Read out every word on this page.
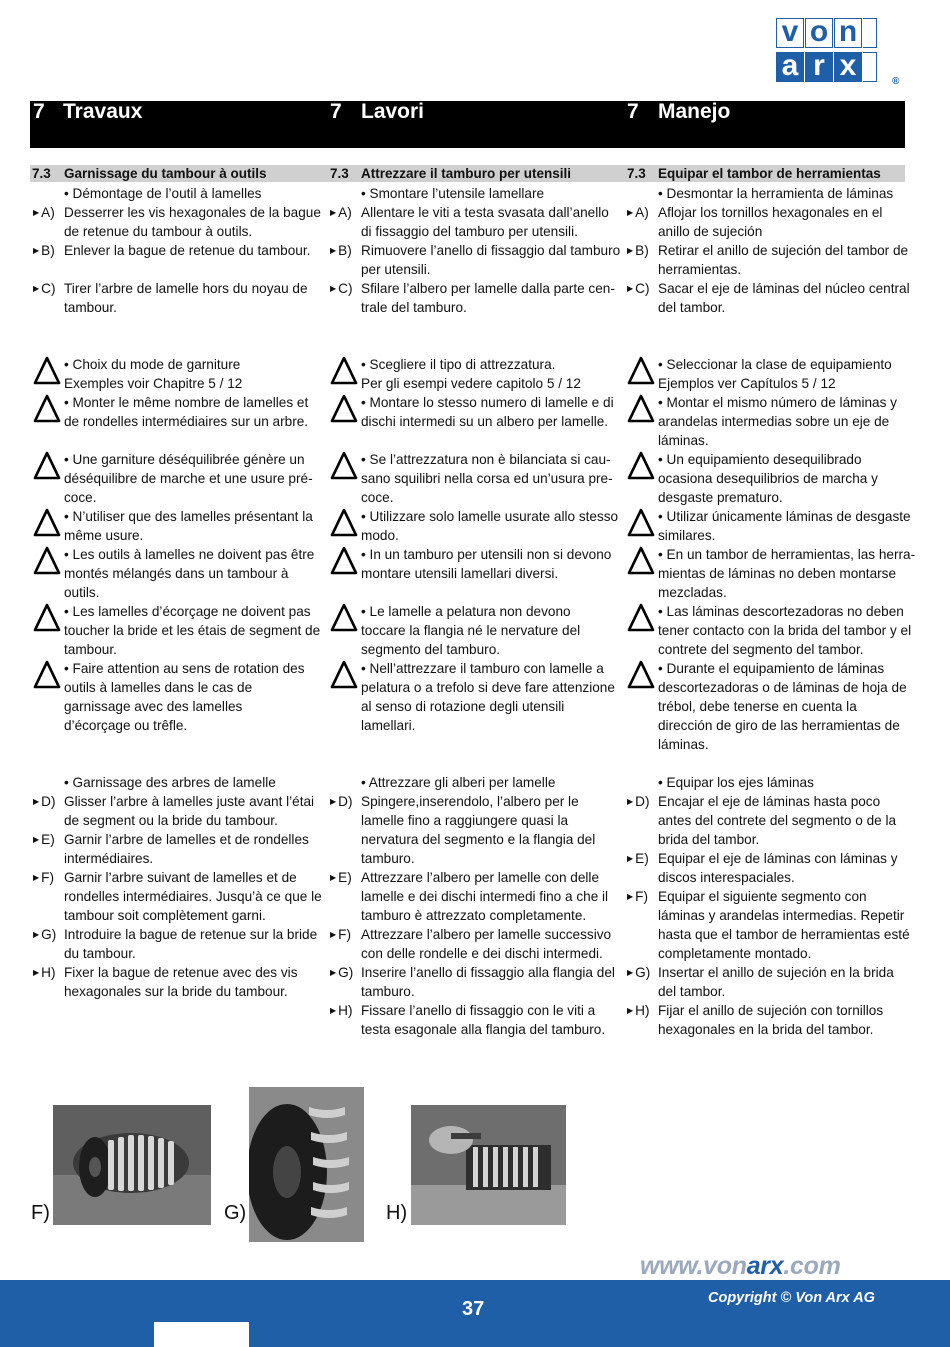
v o n
a r x	®
7 Travaux	7 Lavori	7 Manejo
7.3 Garnissage du tambour à outils	7.3 Attrezzare il tamburo per utensili	7.3 Equipar el tambor de herramientas
• Démontage de l’outil à lamelles
▶ A) Desserrer les vis hexagonales de la bague
de retenue du tambour à outils.
▶ B) Enlever la bague de retenue du tambour.
▶ C) Tirer l’arbre de lamelle hors du noyau de
tambour.
• Smontare l’utensile lamellare
▶ A) Allentare le viti a testa svasata dall’anello
di fissaggio del tamburo per utensili.
▶ B) Rimuovere l’anello di fissaggio dal tamburo
per utensili.
▶ C) Sfilare l’albero per lamelle dalla parte cen-
trale del tamburo.
• Desmontar la herramienta de láminas
▶ A) Aflojar los tornillos hexagonales en el
anillo de sujeción
▶ B) Retirar el anillo de sujeción del tambor de
herramientas.
▶ C) Sacar el eje de láminas del núcleo central
del tambor.
• Choix du mode de garniture
Exemples voir Chapitre 5 / 12
• Monter le même nombre de lamelles et
de rondelles intermédiaires sur un arbre.
• Une garniture déséquilibrée génère un
déséquilibre de marche et une usure pré-
coce.
• N’utiliser que des lamelles présentant la
même usure.
• Les outils à lamelles ne doivent pas être
montés mélangés dans un tambour à
outils.
• Les lamelles d’écorçage ne doivent pas
toucher la bride et les étais de segment de
tambour.
• Faire attention au sens de rotation des
outils à lamelles dans le cas de
garnissage avec des lamelles
d’écorçage ou trêfle.
• Scegliere il tipo di attrezzatura.
Per gli esempi vedere capitolo 5 / 12
• Montare lo stesso numero di lamelle e di
dischi intermedi su un albero per lamelle.
• Se l’attrezzatura non è bilanciata si cau-
sano squilibri nella corsa ed un’usura pre-
coce.
• Utilizzare solo lamelle usurate allo stesso
modo.
• In un tamburo per utensili non si devono
montare utensili lamellari diversi.
• Le lamelle a pelatura non devono
toccare la flangia né le nervature del
segmento del tamburo.
• Nell’attrezzare il tamburo con lamelle a
pelatura o a trefolo si deve fare attenzione
al senso di rotazione degli utensili
lamellari.
• Seleccionar la clase de equipamiento
Ejemplos ver Capítulos 5 / 12
• Montar el mismo número de láminas y
arandelas intermedias sobre un eje de
láminas.
• Un equipamiento desequilibrado
ocasiona desequilibrios de marcha y
desgaste prematuro.
• Utilizar únicamente láminas de desgaste
similares.
• En un tambor de herramientas, las herra-
mientas de láminas no deben montarse
mezcladas.
• Las láminas descortezadoras no deben
tener contacto con la brida del tambor y el
contrete del segmento del tambor.
• Durante el equipamiento de láminas
descortezadoras o de láminas de hoja de
trébol, debe tenerse en cuenta la
dirección de giro de las herramientas de
láminas.
• Garnissage des arbres de lamelle
▶ D) Glisser l’arbre à lamelles juste avant l’étai
de segment ou la bride du tambour.
▶ E) Garnir l’arbre de lamelles et de rondelles
intermédiaires.
▶ F) Garnir l’arbre suivant de lamelles et de
rondelles intermédiaires. Jusqu’à ce que le
tambour soit complètement garni.
▶ G) Introduire la bague de retenue sur la bride
du tambour.
▶ H) Fixer la bague de retenue avec des vis
hexagonales sur la bride du tambour.
• Attrezzare gli alberi per lamelle
▶ D) Spingere,inserendolo, l’albero per le
lamelle fino a raggiungere quasi la
nervatura del segmento e la flangia del
tamburo.
▶ E) Attrezzare l’albero per lamelle con delle
lamelle e dei dischi intermedi fino a che il
tamburo è attrezzato completamente.
▶ F) Attrezzare l’albero per lamelle successivo
con delle rondelle e dei dischi intermedi.
▶ G) Inserire l’anello di fissaggio alla flangia del
tamburo.
▶ H) Fissare l’anello di fissaggio con le viti a
testa esagonale alla flangia del tamburo.
• Equipar los ejes láminas
▶ D) Encajar el eje de láminas hasta poco
antes del contrete del segmento o de la
brida del tambor.
▶ E) Equipar el eje de láminas con láminas y
discos interespaciales.
▶ F) Equipar el siguiente segmento con
láminas y arandelas intermedias. Repetir
hasta que el tambor de herramientas esté
completamente montado.
▶ G) Insertar el anillo de sujeción en la brida
del tambor.
▶ H) Fijar el anillo de sujeción con tornillos
hexagonales en la brida del tambor.
F)	G)	H)
www.vonarx.com
37	Copyright © Von Arx AG
